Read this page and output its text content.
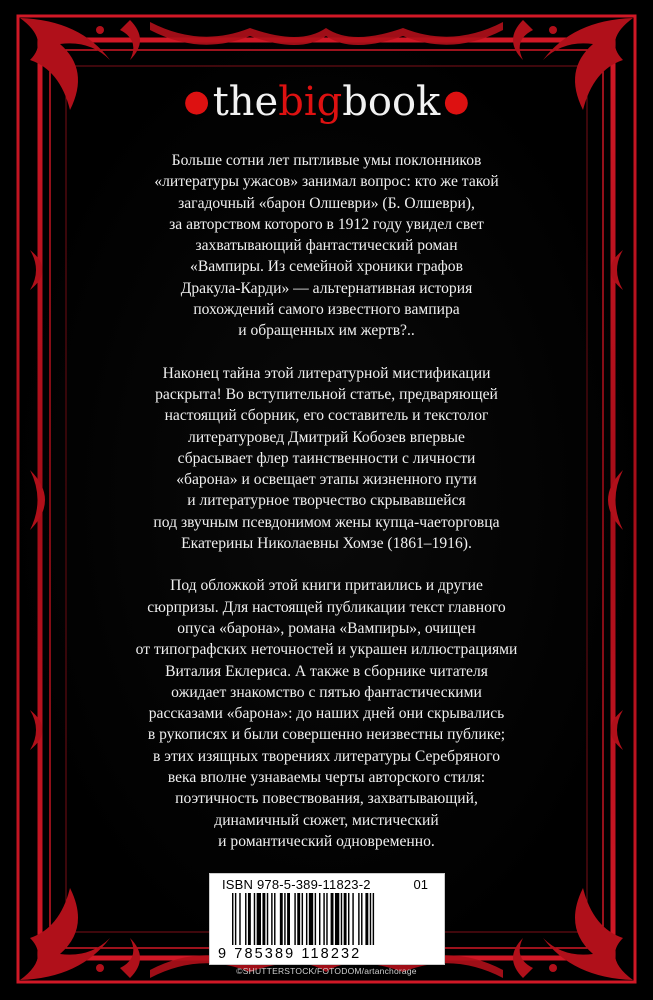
●thebigbook ●

Больше сотни лет пытливые умы поклонников
«литературы ужасов» занимал вопрос: кто же такой
загадочный «барон Олшеври» (Б. Олшеври),
за авторством которого в 1912 году увидел свет
захватывающий фантастический роман
«Вампиры. Из семейной хроники графов
Дракула-Карди» — альтернативная история
похождений самого известного вампира
и обращенных им жертв?..

Наконец тайна этой литературной мистификации
раскрыта! Во вступительной статье, предваряющей
настоящий сборник, его составитель и текстолог
литературовед Дмитрий Кобозев впервые
сбрасывает флер таинственности с личности
«барона» и освещает этапы жизненного пути
и литературное творчество скрывавшейся
под звучным псевдонимом жены купца-чаеторговца
Екатерины Николаевны Хомзе (1861–1916).

Под обложкой этой книги притаились и другие
сюрпризы. Для настоящей публикации текст главного
опуса «барона», романа «Вампиры», очищен
от типографских неточностей и украшен иллюстрациями
Виталия Еклериса. А также в сборнике читателя
ожидает знакомство с пятью фантастическими
рассказами «барона»: до наших дней они скрывались
в рукописях и были совершенно неизвестны публике;
в этих изящных творениях литературы Серебряного
века вполне узнаваемы черты авторского стиля:
поэтичность повествования, захватывающий,
динамичный сюжет, мистический
и романтический одновременно.

ISBN 978-5-389-11823-2	01
9 785389 118232
©SHUTTERSTOCK/FOTODOM/artanchorage
